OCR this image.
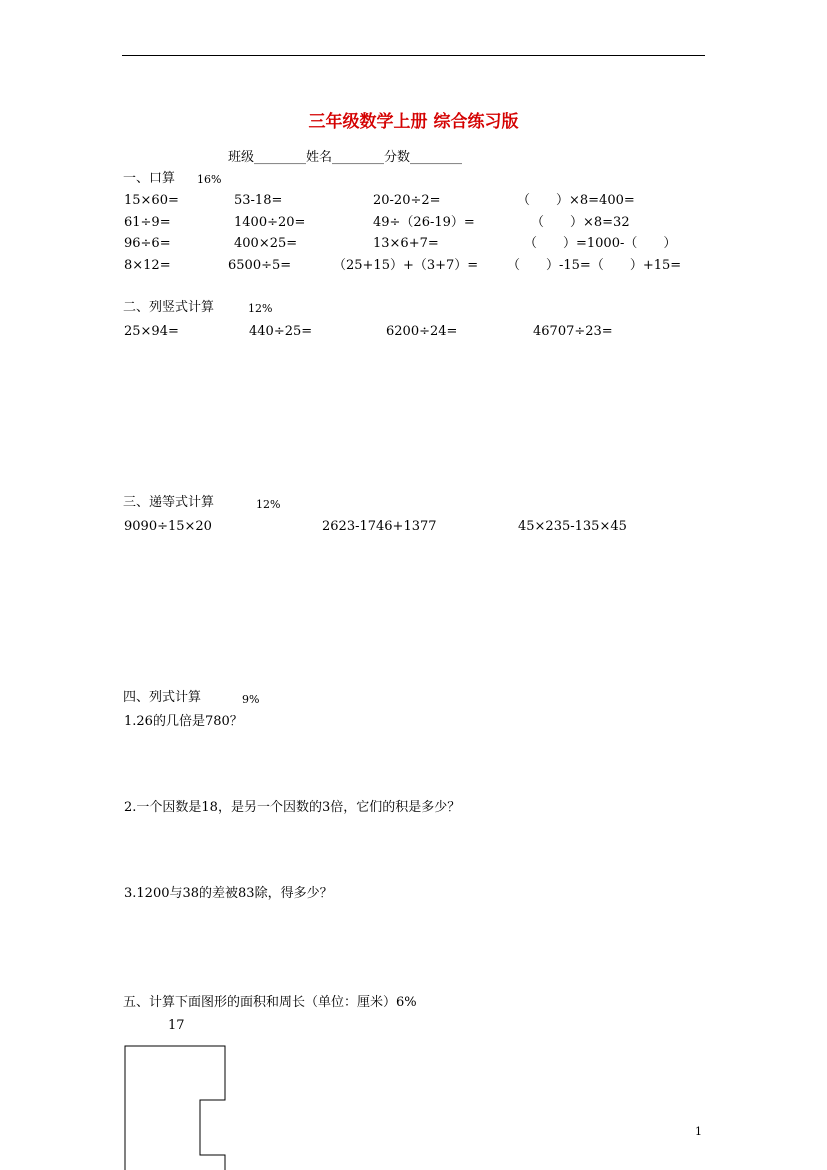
三年级数学上册 综合练习版
班级________姓名________分数________
一、口算 16%
15×60=	53-18=	20-20÷2=	（　　）×8=400=
61÷9=	1400÷20=	49÷（26-19）=	（　　）×8=32
96÷6=	400×25=	13×6+7=	（　　）=1000-（　　）
8×12=	6500÷5=	（25+15）+（3+7）= （　　）-15=（　　）+15=
二、列竖式计算	12%
25×94=	440÷25=	6200÷24=	46707÷23=
三、递等式计算	12%
9090÷15×20	2623-1746+1377	45×235-135×45
四、列式计算	9%
1.26的几倍是780？
2.一个因数是18，是另一个因数的3倍，它们的积是多少？
3.1200与38的差被83除，得多少？
五、计算下面图形的面积和周长（单位：厘米）6%
17
1
